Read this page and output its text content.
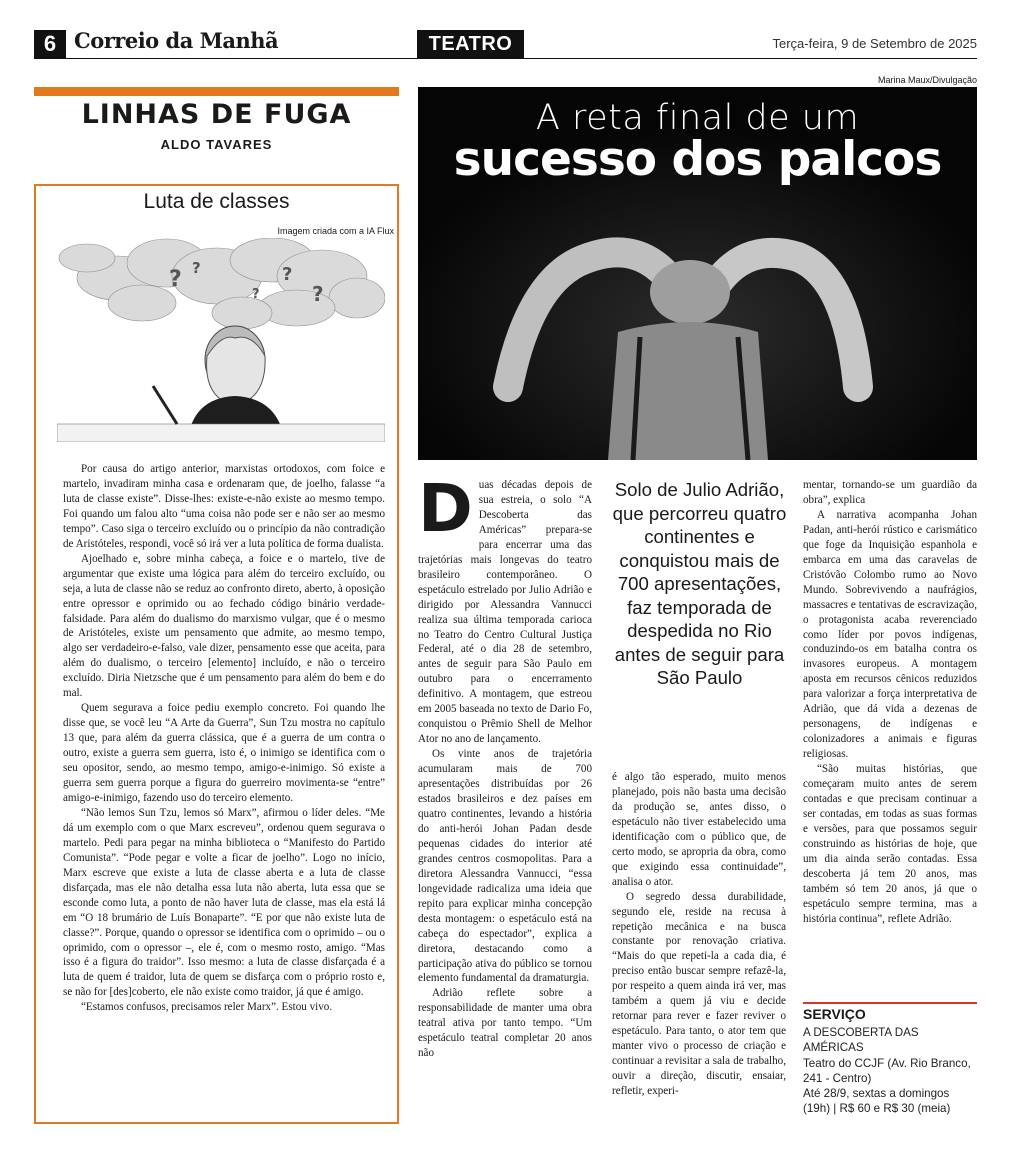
6 Correio da Manhã	TEATRO	Terça-feira, 9 de Setembro de 2025
LINHAS DE FUGA
ALDO TAVARES
Luta de classes
Imagem criada com a IA Flux
? ?	?
?
?

Por causa do artigo anterior, marxistas ortodoxos, com foice e martelo, invadiram minha casa e ordenaram que, de joelho, falasse “a luta de classe existe”. Disse-lhes: existe-e-não existe ao mesmo tempo. Foi quando um falou alto “uma coisa não pode ser e não ser ao mesmo tempo”. Caso siga o terceiro excluído ou o princípio da não contradição de Aristóteles, respondi, você só irá ver a luta política de forma dualista.

Ajoelhado e, sobre minha cabeça, a foice e o martelo, tive de argumentar que existe uma lógica para além do terceiro excluído, ou seja, a luta de classe não se reduz ao confronto direto, aberto, à oposição entre opressor e oprimido ou ao fechado código binário verdade-falsidade. Para além do dualismo do marxismo vulgar, que é o mesmo de Aristóteles, existe um pensamento que admite, ao mesmo tempo, algo ser verdadeiro-e-falso, vale dizer, pensamento esse que aceita, para além do dualismo, o terceiro [elemento] incluído, e não o terceiro excluído. Diria Nietzsche que é um pensamento para além do bem e do mal.

Quem segurava a foice pediu exemplo concreto. Foi quando lhe disse que, se você leu “A Arte da Guerra”, Sun Tzu mostra no capítulo 13 que, para além da guerra clássica, que é a guerra de um contra o outro, existe a guerra sem guerra, isto é, o inimigo se identifica com o seu opositor, sendo, ao mesmo tempo, amigo-e-inimigo. Só existe a guerra sem guerra porque a figura do guerreiro movimenta-se “entre” amigo-e-inimigo, fazendo uso do terceiro elemento.

“Não lemos Sun Tzu, lemos só Marx”, afirmou o líder deles. “Me dá um exemplo com o que Marx escreveu”, ordenou quem segurava o martelo. Pedi para pegar na minha biblioteca o “Manifesto do Partido Comunista”. “Pode pegar e volte a ficar de joelho”. Logo no início, Marx escreve que existe a luta de classe aberta e a luta de classe disfarçada, mas ele não detalha essa luta não aberta, luta essa que se esconde como luta, a ponto de não haver luta de classe, mas ela está lá em “O 18 brumário de Luís Bonaparte”. “E por que não existe luta de classe?”. Porque, quando o opressor se identifica com o oprimido – ou o oprimido, com o opressor –, ele é, com o mesmo rosto, amigo. “Mas isso é a figura do traidor”. Isso mesmo: a luta de classe disfarçada é a luta de quem é traidor, luta de quem se disfarça com o próprio rosto e, se não for [des]coberto, ele não existe como traidor, já que é amigo.

“Estamos confusos, precisamos reler Marx”. Estou vivo.

Marina Maux/Divulgação
A reta final de um
sucesso dos palcos

Duas décadas depois de sua estreia, o solo “A Descoberta das Américas” prepara-se para encerrar uma das trajetórias mais longevas do teatro brasileiro contemporâneo. O espetáculo estrelado por Julio Adrião e dirigido por Alessandra Vannucci realiza sua última temporada carioca no Teatro do Centro Cultural Justiça Federal, até o dia 28 de setembro, antes de seguir para São Paulo em outubro para o encerramento definitivo. A montagem, que estreou em 2005 baseada no texto de Dario Fo, conquistou o Prêmio Shell de Melhor Ator no ano de lançamento.

Os vinte anos de trajetória acumularam mais de 700 apresentações distribuídas por 26 estados brasileiros e dez países em quatro continentes, levando a história do anti-herói Johan Padan desde pequenas cidades do interior até grandes centros cosmopolitas. Para a diretora Alessandra Vannucci, “essa longevidade radicaliza uma ideia que repito para explicar minha concepção desta montagem: o espetáculo está na cabeça do espectador”, explica a diretora, destacando como a participação ativa do público se tornou elemento fundamental da dramaturgia.

Adrião reflete sobre a responsabilidade de manter uma obra teatral ativa por tanto tempo. “Um espetáculo teatral completar 20 anos não

Solo de Julio Adrião, que percorreu quatro continentes e conquistou mais de 700 apresentações, faz temporada de despedida no Rio antes de seguir para São Paulo

é algo tão esperado, muito menos planejado, pois não basta uma decisão da produção se, antes disso, o espetáculo não tiver estabelecido uma identificação com o público que, de certo modo, se apropria da obra, como que exigindo essa continuidade”, analisa o ator.

O segredo dessa durabilidade, segundo ele, reside na recusa à repetição mecânica e na busca constante por renovação criativa. “Mais do que repeti-la a cada dia, é preciso então buscar sempre refazê-la, por respeito a quem ainda irá ver, mas também a quem já viu e decide retornar para rever e fazer reviver o espetáculo. Para tanto, o ator tem que manter vivo o processo de criação e continuar a revisitar a sala de trabalho, ouvir a direção, discutir, ensaiar, refletir, experi-

mentar, tornando-se um guardião da obra”, explica

A narrativa acompanha Johan Padan, anti-herói rústico e carismático que foge da Inquisição espanhola e embarca em uma das caravelas de Cristóvão Colombo rumo ao Novo Mundo. Sobrevivendo a naufrágios, massacres e tentativas de escravização, o protagonista acaba reverenciado como líder por povos indígenas, conduzindo-os em batalha contra os invasores europeus. A montagem aposta em recursos cênicos reduzidos para valorizar a força interpretativa de Adrião, que dá vida a dezenas de personagens, de indígenas e colonizadores a animais e figuras religiosas.

“São muitas histórias, que começaram muito antes de serem contadas e que precisam continuar a ser contadas, em todas as suas formas e versões, para que possamos seguir construindo as histórias de hoje, que um dia ainda serão contadas. Essa descoberta já tem 20 anos, mas também só tem 20 anos, já que o espetáculo sempre termina, mas a história continua”, reflete Adrião.

SERVIÇO
A DESCOBERTA DAS AMÉRICAS
Teatro do CCJF (Av. Rio Branco, 241 - Centro)
Até 28/9, sextas a domingos (19h) | R$ 60 e R$ 30 (meia)
